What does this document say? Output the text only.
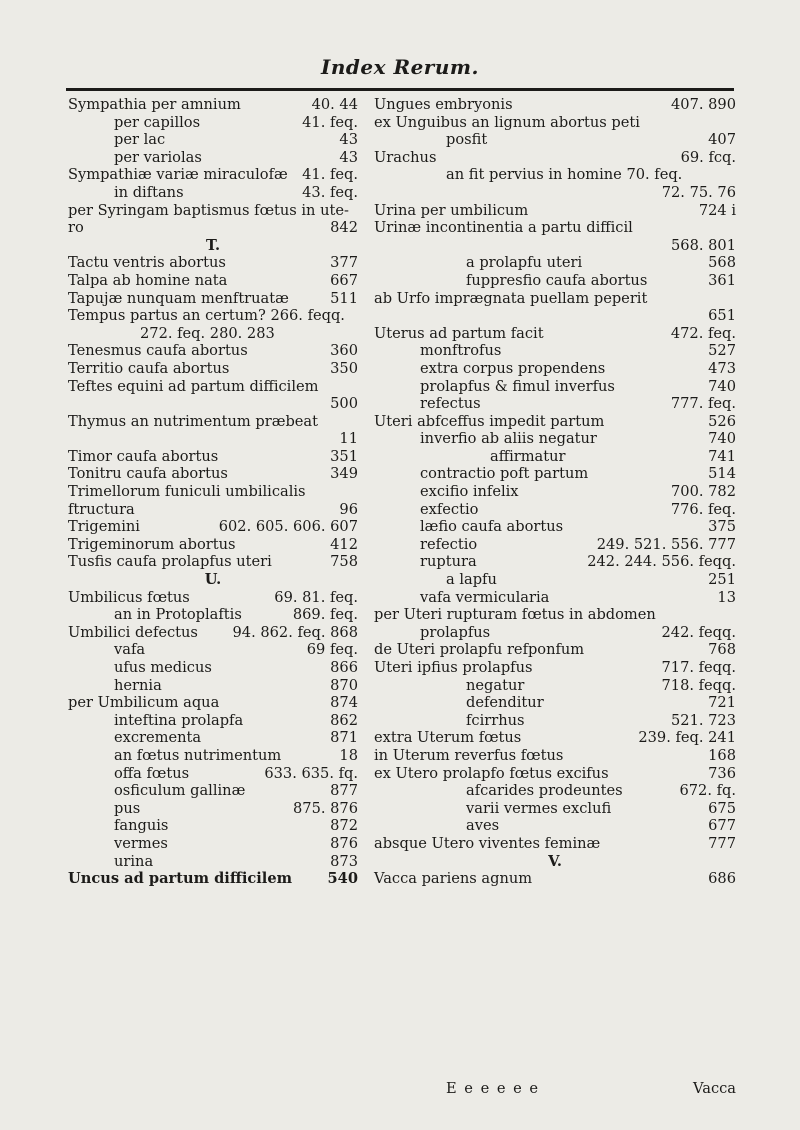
Index Rerum.
Sympathia per amnium	40. 44
per capillos	41. feq.
per lac	43
per variolas	43
Sympathiæ variæ miraculofæ 41. feq.
in diftans	43. feq.
per Syringam baptismus fœtus in ute-
ro	842
T.
Tactu ventris abortus	377
Talpa ab homine nata	667
Tapujæ nunquam menftruatæ	511
Tempus partus an certum? 266. feqq.
272. feq. 280. 283
Tenesmus caufa abortus	360
Territio caufa abortus	350
Teftes equini ad partum difficilem
500
Thymus an nutrimentum præbeat
11
Timor caufa abortus	351
Tonitru caufa abortus	349
Trimellorum funiculi umbilicalis
ftructura	96
Trigemini	602. 605. 606. 607
Trigeminorum abortus	412
Tusfis caufa prolapfus uteri	758
U.
Umbilicus fœtus	69. 81. feq.
an in Protoplaftis	869. feq.
Umbilici defectus 94. 862. feq. 868
vafa	69 feq.
ufus medicus	866
hernia	870
per Umbilicum aqua	874
inteftina prolapfa	862
excrementa	871
an fœtus nutrimentum	18
offa fœtus	633. 635. fq.
osficulum gallinæ	877
pus	875. 876
fanguis	872
vermes	876
urina	873
Uncus ad partum difficilem 540
Ungues embryonis	407. 890
ex Unguibus an lignum abortus peti
posfit	407
Urachus	69. fcq.
an fit pervius in homine 70. feq.
72. 75. 76
Urina per umbilicum	724 i
Urinæ incontinentia a partu difficil
568. 801
a prolapfu uteri	568
fuppresfio caufa abortus	361
ab Urfo imprægnata puellam peperit
651
Uterus ad partum facit	472. feq.
monftrofus	527
extra corpus propendens	473
prolapfus & fimul inverfus	740
refectus	777. feq.
Uteri abfceffus impedit partum	526
inverfio ab aliis negatur	740
affirmatur	741
contractio poft partum	514
excifio infelix	700. 782
exfectio	776. feq.
læfio caufa abortus	375
refectio	249. 521. 556. 777
ruptura	242. 244. 556. feqq.
a lapfu	251
vafa vermicularia	13
per Uteri rupturam fœtus in abdomen
prolapfus	242. feqq.
de Uteri prolapfu refponfum	768
Uteri ipfius prolapfus	717. feqq.
negatur	718. feqq.
defenditur	721
fcirrhus	521. 723
extra Uterum fœtus	239. feq. 241
in Uterum reverfus fœtus	168
ex Utero prolapfo fœtus excifus	736
afcarides prodeuntes	672. fq.
varii vermes exclufi	675
aves	677
absque Utero viventes feminæ	777
V.
Vacca pariens agnum	686
E e e e e e	Vacca
